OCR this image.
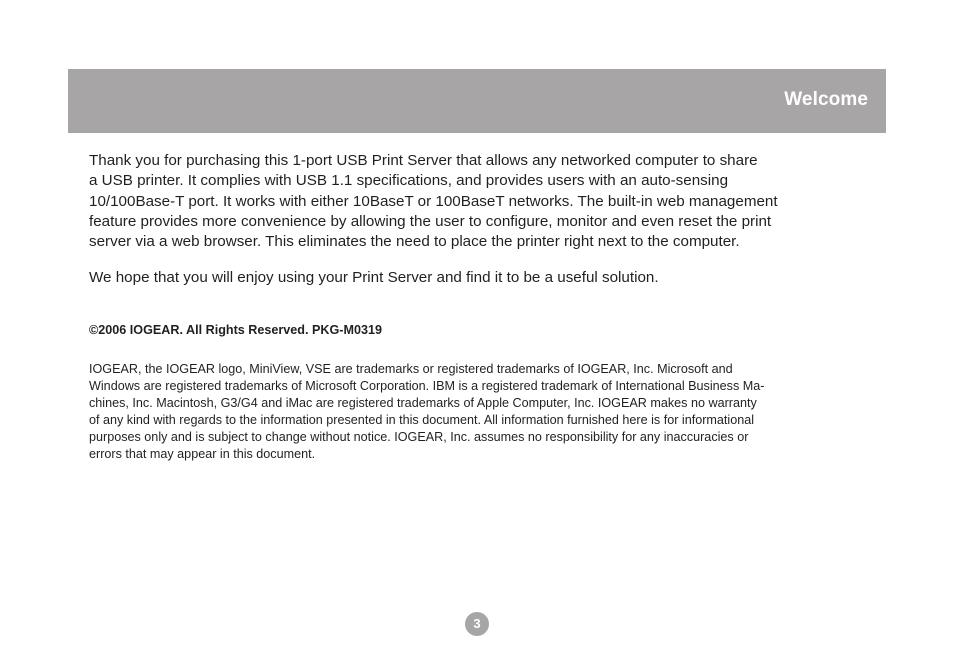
Welcome

Thank you for purchasing this 1-port USB Print Server that allows any networked computer to share
a USB printer. It complies with USB 1.1 specifications, and provides users with an auto-sensing
10/100Base-T port. It works with either 10BaseT or 100BaseT networks. The built-in web management
feature provides more convenience by allowing the user to configure, monitor and even reset the print
server via a web browser. This eliminates the need to place the printer right next to the computer.

We hope that you will enjoy using your Print Server and find it to be a useful solution.

©2006 IOGEAR. All Rights Reserved. PKG-M0319

IOGEAR, the IOGEAR logo, MiniView, VSE are trademarks or registered trademarks of IOGEAR, Inc. Microsoft and
Windows are registered trademarks of Microsoft Corporation. IBM is a registered trademark of International Business Ma-
chines, Inc. Macintosh, G3/G4 and iMac are registered trademarks of Apple Computer, Inc. IOGEAR makes no warranty
of any kind with regards to the information presented in this document. All information furnished here is for informational
purposes only and is subject to change without notice. IOGEAR, Inc. assumes no responsibility for any inaccuracies or
errors that may appear in this document.

3
